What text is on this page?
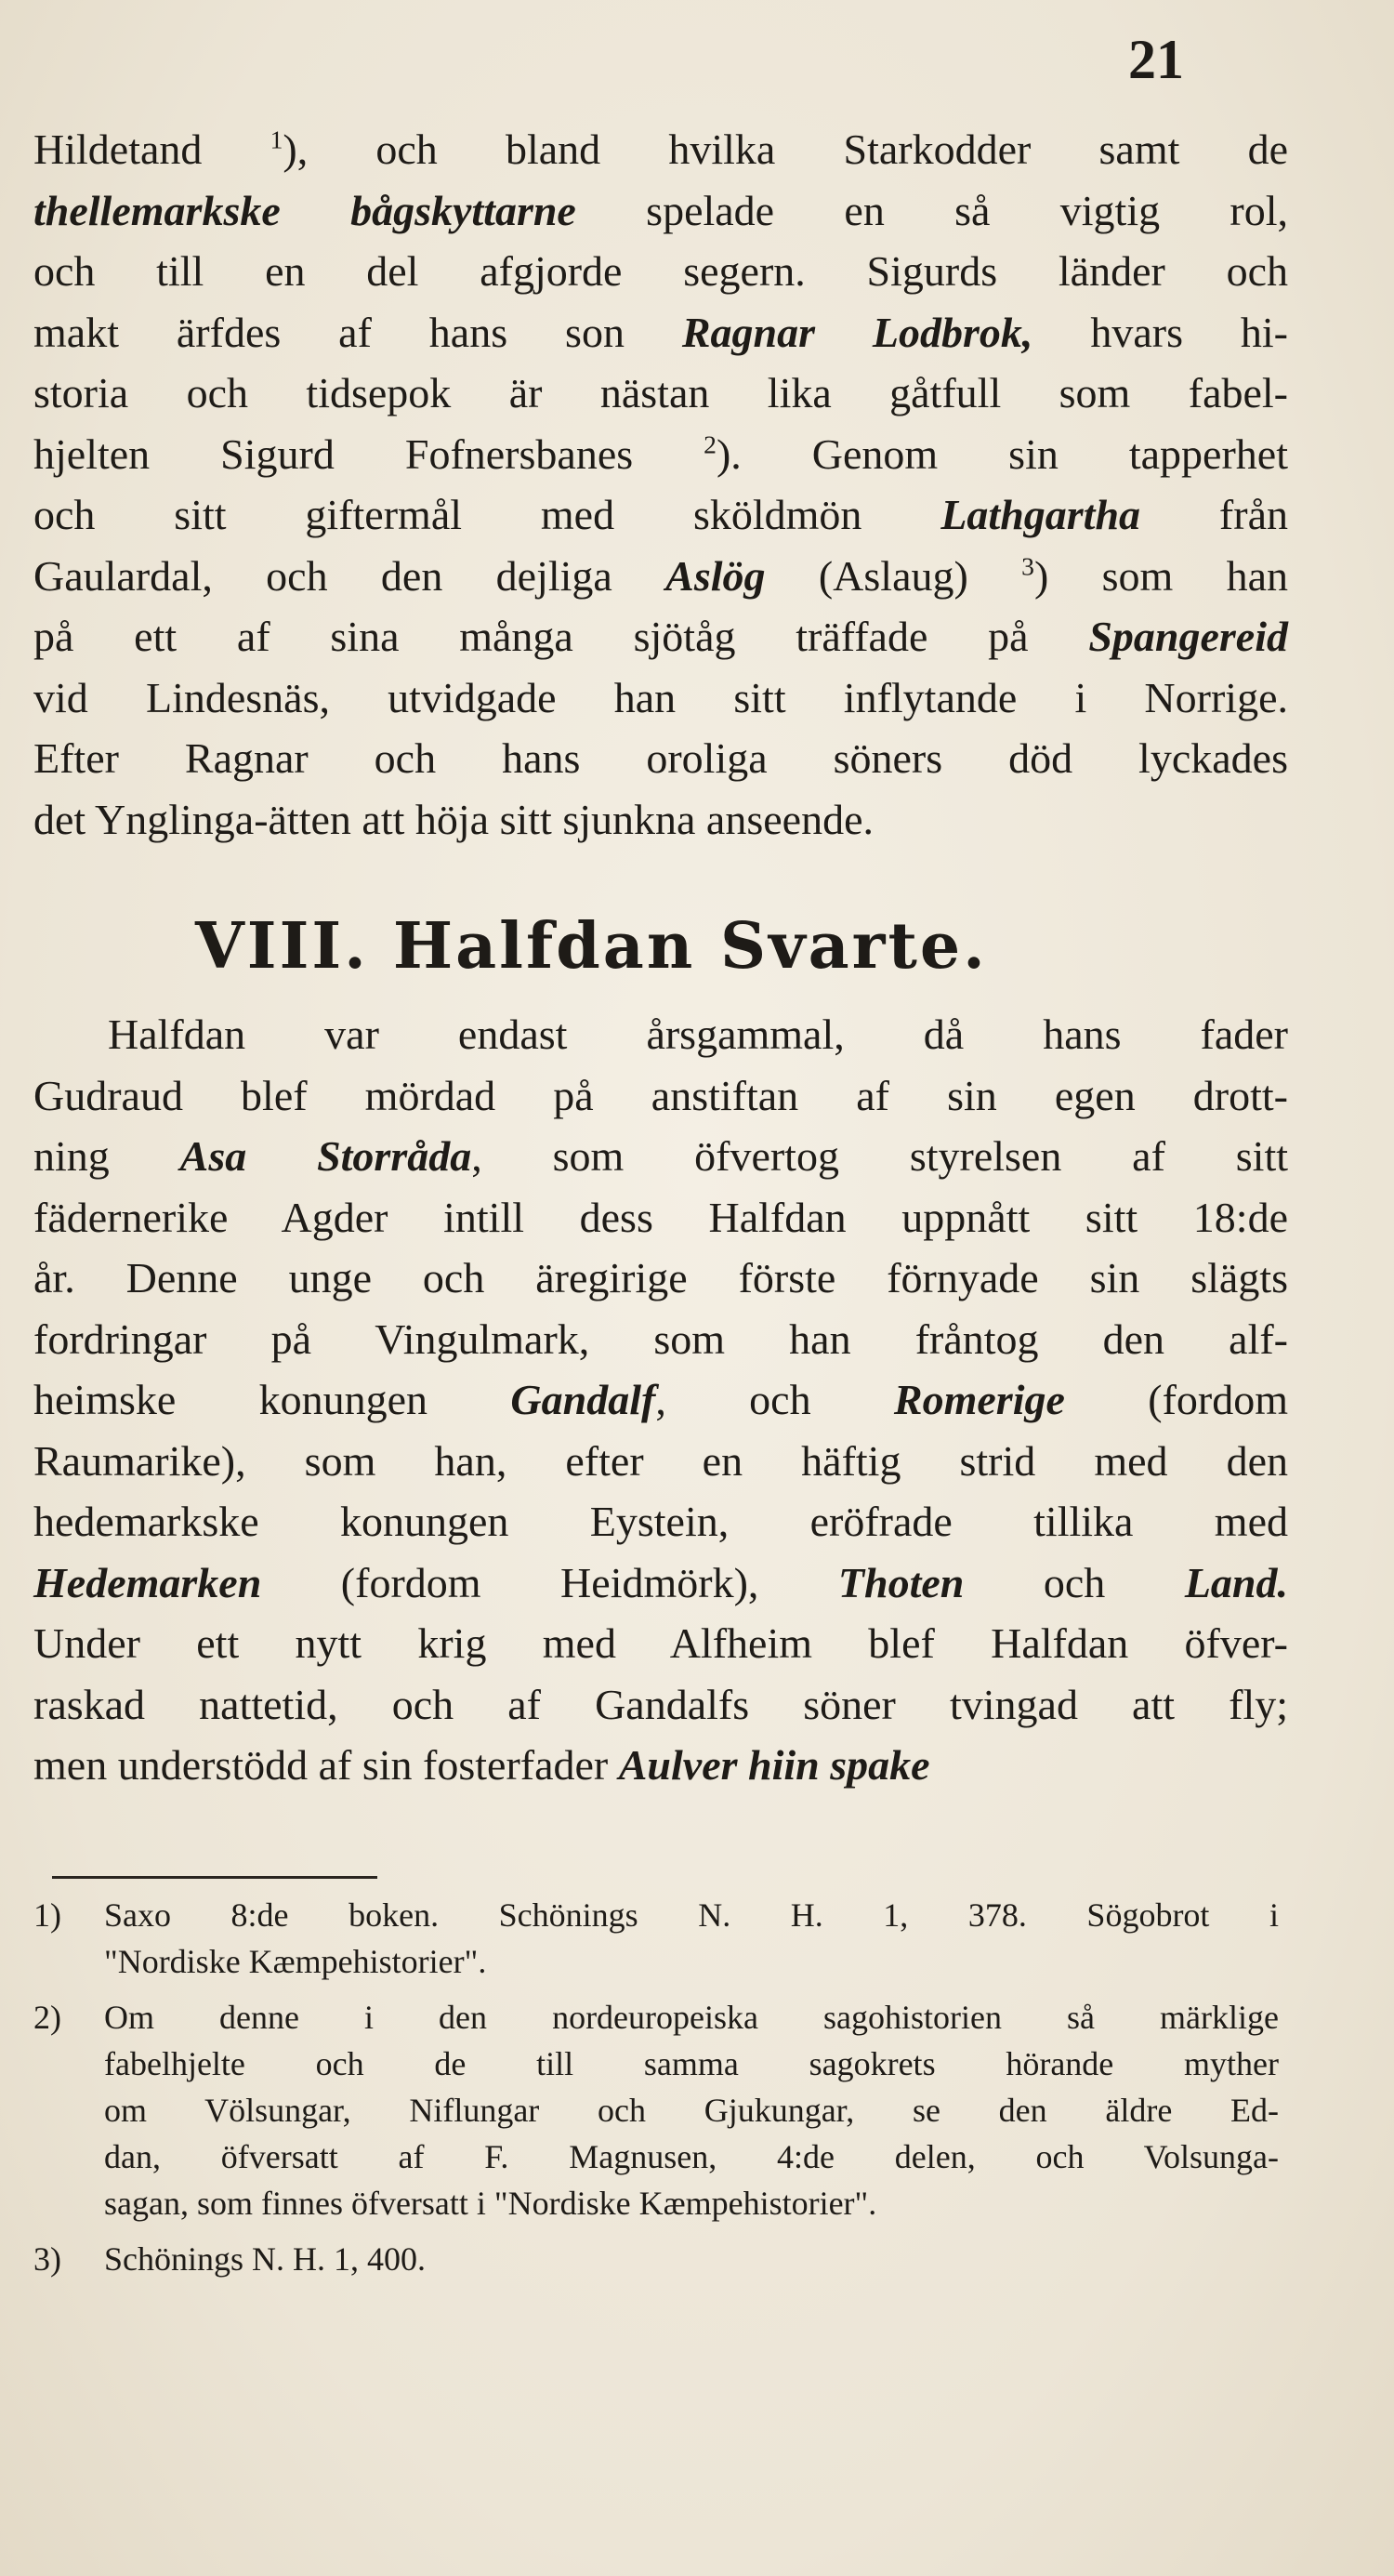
21
Hildetand $^1$), och bland hvilka Starkodder samt de
thellemarkske bågskyttarne spelade en så vigtig rol,
och till en del afgjorde segern. Sigurds länder och
makt ärfdes af hans son Ragnar Lodbrok, hvars hi-
storia och tidsepok är nästan lika gåtfull som fabel-
hjelten Sigurd Fofnersbanes $^2$). Genom sin tapperhet
och sitt giftermål med sköldmön Lathgartha från
Gaulardal, och den dejliga Aslög (Aslaug) $^3$) som han
på ett af sina många sjötåg träffade på Spangereid
vid Lindesnäs, utvidgade han sitt inflytande i Norrige.
Efter Ragnar och hans oroliga söners död lyckades
det Ynglinga-ätten att höja sitt sjunkna anseende.
VIII. Halfdan Svarte.
Halfdan var endast årsgammal, då hans fader
Gudraud blef mördad på anstiftan af sin egen drott-
ning Asa Storråda, som öfvertog styrelsen af sitt
fädernerike Agder intill dess Halfdan uppnått sitt 18:de
år. Denne unge och äregirige förste förnyade sin slägts
fordringar på Vingulmark, som han fråntog den alf-
heimske konungen Gandalf, och Romerige (fordom
Raumarike), som han, efter en häftig strid med den
hedemarkske konungen Eystein, eröfrade tillika med
Hedemarken (fordom Heidmörk), Thoten och Land.
Under ett nytt krig med Alfheim blef Halfdan öfver-
raskad nattetid, och af Gandalfs söner tvingad att fly;
men understödd af sin fosterfader Aulver hiin spake
1) Saxo 8:de boken. Schönings N. H. 1, 378. Sögobrot i
"Nordiske Kæmpehistorier".
2) Om denne i den nordeuropeiska sagohistorien så märklige
fabelhjelte och de till samma sagokrets hörande myther
om Völsungar, Niflungar och Gjukungar, se den äldre Ed-
dan, öfversatt af F. Magnusen, 4:de delen, och Volsunga-
sagan, som finnes öfversatt i "Nordiske Kæmpehistorier".
3) Schönings N. H. 1, 400.
